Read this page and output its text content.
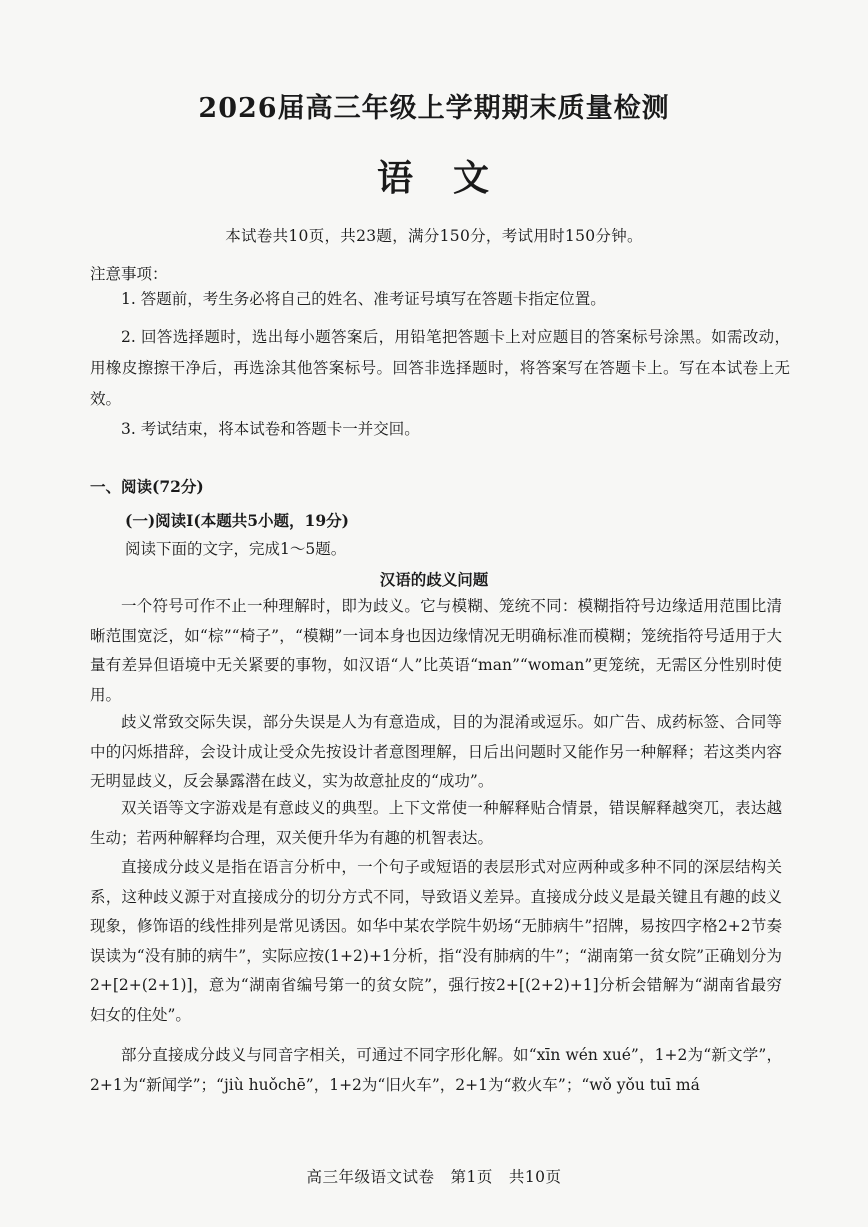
2026届高三年级上学期期末质量检测
语　文
本试卷共10页，共23题，满分150分，考试用时150分钟。
注意事项：

1. 答题前，考生务必将自己的姓名、准考证号填写在答题卡指定位置。

2. 回答选择题时，选出每小题答案后，用铅笔把答题卡上对应题目的答案标号涂黑。如需改动，用橡皮擦擦干净后，再选涂其他答案标号。回答非选择题时，将答案写在答题卡上。写在本试卷上无效。

3. 考试结束，将本试卷和答题卡一并交回。

一、阅读(72分)
(一)阅读Ⅰ(本题共5小题，19分)
阅读下面的文字，完成1～5题。
汉语的歧义问题

一个符号可作不止一种理解时，即为歧义。它与模糊、笼统不同：模糊指符号边缘适用范围比清晰范围宽泛，如“棕”“椅子”，“模糊”一词本身也因边缘情况无明确标准而模糊；笼统指符号适用于大量有差异但语境中无关紧要的事物，如汉语“人”比英语“man”“woman”更笼统，无需区分性别时使用。

歧义常致交际失误，部分失误是人为有意造成，目的为混淆或逗乐。如广告、成药标签、合同等中的闪烁措辞，会设计成让受众先按设计者意图理解，日后出问题时又能作另一种解释；若这类内容无明显歧义，反会暴露潜在歧义，实为故意扯皮的“成功”。

双关语等文字游戏是有意歧义的典型。上下文常使一种解释贴合情景，错误解释越突兀，表达越生动；若两种解释均合理，双关便升华为有趣的机智表达。

直接成分歧义是指在语言分析中，一个句子或短语的表层形式对应两种或多种不同的深层结构关系，这种歧义源于对直接成分的切分方式不同，导致语义差异。直接成分歧义是最关键且有趣的歧义现象，修饰语的线性排列是常见诱因。如华中某农学院牛奶场“无肺病牛”招牌，易按四字格2+2节奏误读为“没有肺的病牛”，实际应按(1+2)+1分析，指“没有肺病的牛”；“湖南第一贫女院”正确划分为2+[2+(2+1)]，意为“湖南省编号第一的贫女院”，强行按2+[(2+2)+1]分析会错解为“湖南省最穷妇女的住处”。

部分直接成分歧义与同音字相关，可通过不同字形化解。如“xīn wén xué”，1+2为“新文学”，2+1为“新闻学”；“jiù huǒchē”，1+2为“旧火车”，2+1为“救火车”；“wǒ yǒu tuī má

高三年级语文试卷　第1页　共10页
